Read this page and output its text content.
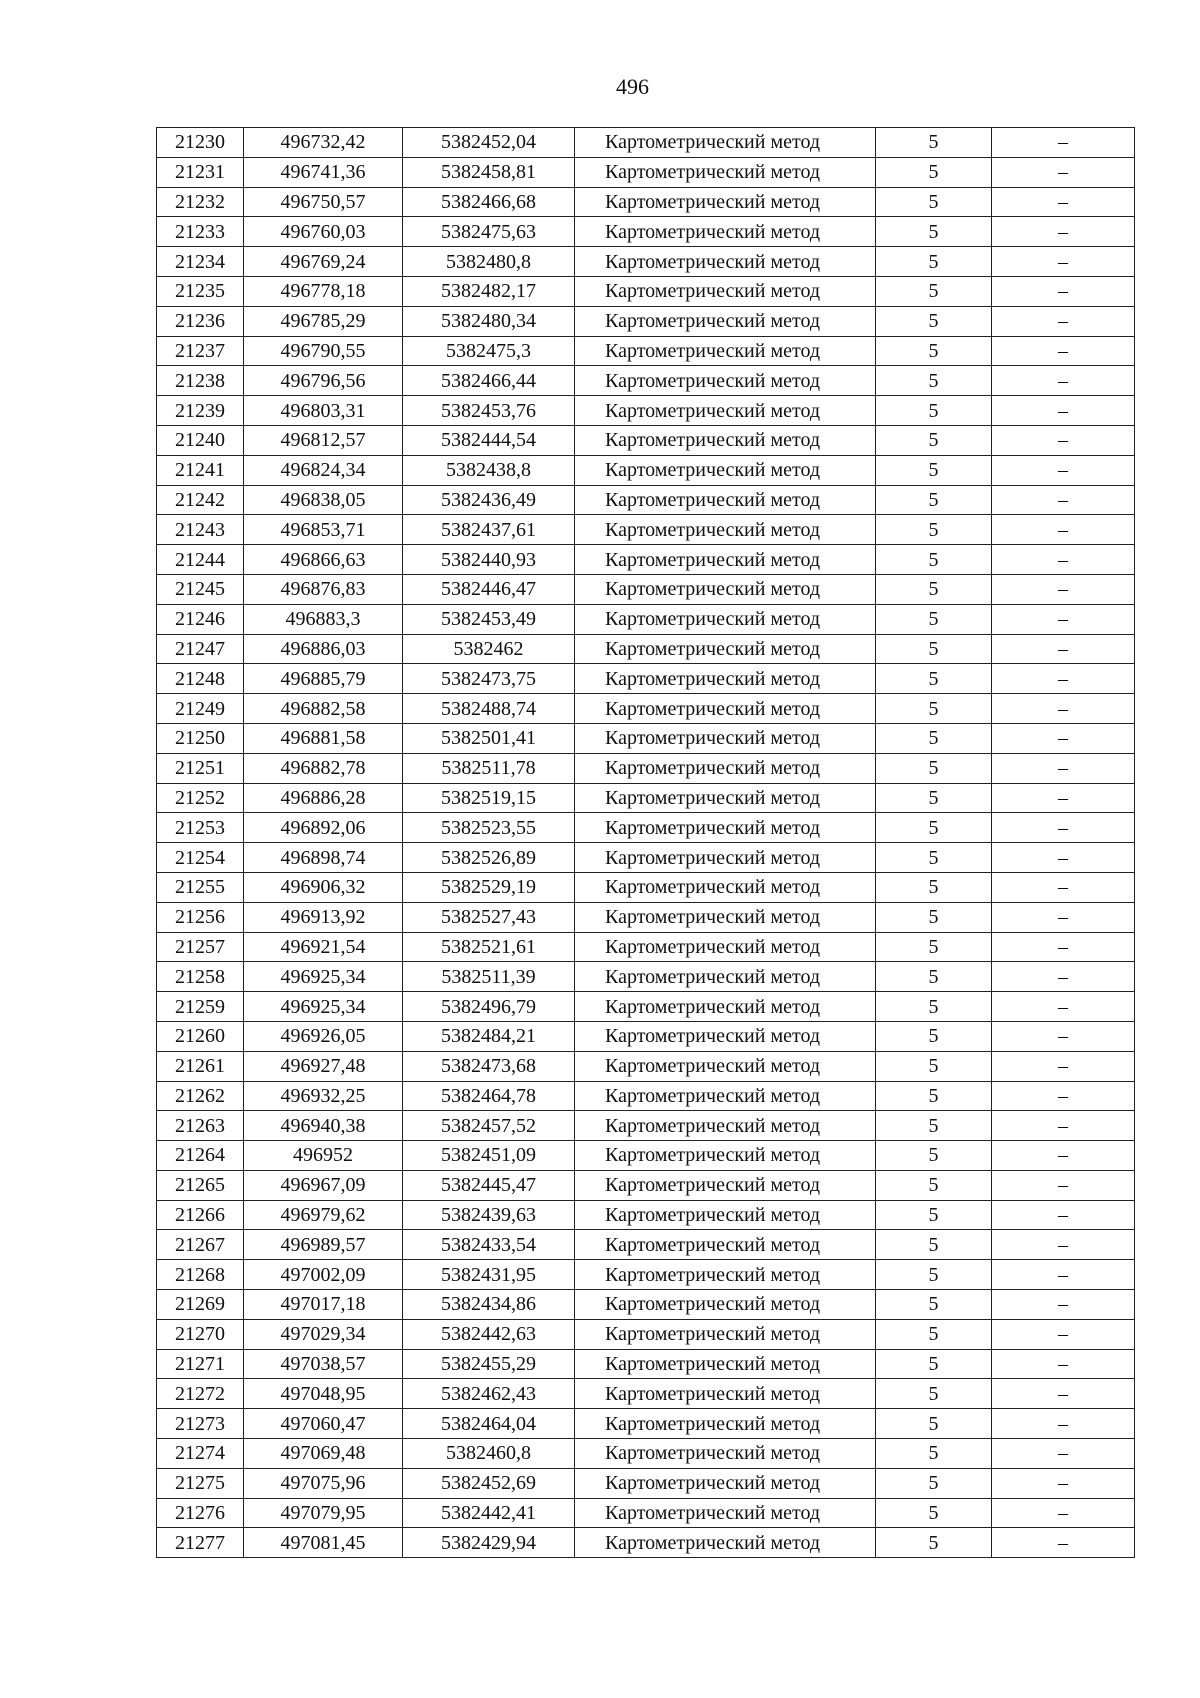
496
21230	496732,42	5382452,04	Картометрический метод	5	–
21231	496741,36	5382458,81	Картометрический метод	5	–
21232	496750,57	5382466,68	Картометрический метод	5	–
21233	496760,03	5382475,63	Картометрический метод	5	–
21234	496769,24	5382480,8	Картометрический метод	5	–
21235	496778,18	5382482,17	Картометрический метод	5	–
21236	496785,29	5382480,34	Картометрический метод	5	–
21237	496790,55	5382475,3	Картометрический метод	5	–
21238	496796,56	5382466,44	Картометрический метод	5	–
21239	496803,31	5382453,76	Картометрический метод	5	–
21240	496812,57	5382444,54	Картометрический метод	5	–
21241	496824,34	5382438,8	Картометрический метод	5	–
21242	496838,05	5382436,49	Картометрический метод	5	–
21243	496853,71	5382437,61	Картометрический метод	5	–
21244	496866,63	5382440,93	Картометрический метод	5	–
21245	496876,83	5382446,47	Картометрический метод	5	–
21246	496883,3	5382453,49	Картометрический метод	5	–
21247	496886,03	5382462	Картометрический метод	5	–
21248	496885,79	5382473,75	Картометрический метод	5	–
21249	496882,58	5382488,74	Картометрический метод	5	–
21250	496881,58	5382501,41	Картометрический метод	5	–
21251	496882,78	5382511,78	Картометрический метод	5	–
21252	496886,28	5382519,15	Картометрический метод	5	–
21253	496892,06	5382523,55	Картометрический метод	5	–
21254	496898,74	5382526,89	Картометрический метод	5	–
21255	496906,32	5382529,19	Картометрический метод	5	–
21256	496913,92	5382527,43	Картометрический метод	5	–
21257	496921,54	5382521,61	Картометрический метод	5	–
21258	496925,34	5382511,39	Картометрический метод	5	–
21259	496925,34	5382496,79	Картометрический метод	5	–
21260	496926,05	5382484,21	Картометрический метод	5	–
21261	496927,48	5382473,68	Картометрический метод	5	–
21262	496932,25	5382464,78	Картометрический метод	5	–
21263	496940,38	5382457,52	Картометрический метод	5	–
21264	496952	5382451,09	Картометрический метод	5	–
21265	496967,09	5382445,47	Картометрический метод	5	–
21266	496979,62	5382439,63	Картометрический метод	5	–
21267	496989,57	5382433,54	Картометрический метод	5	–
21268	497002,09	5382431,95	Картометрический метод	5	–
21269	497017,18	5382434,86	Картометрический метод	5	–
21270	497029,34	5382442,63	Картометрический метод	5	–
21271	497038,57	5382455,29	Картометрический метод	5	–
21272	497048,95	5382462,43	Картометрический метод	5	–
21273	497060,47	5382464,04	Картометрический метод	5	–
21274	497069,48	5382460,8	Картометрический метод	5	–
21275	497075,96	5382452,69	Картометрический метод	5	–
21276	497079,95	5382442,41	Картометрический метод	5	–
21277	497081,45	5382429,94	Картометрический метод	5	–
